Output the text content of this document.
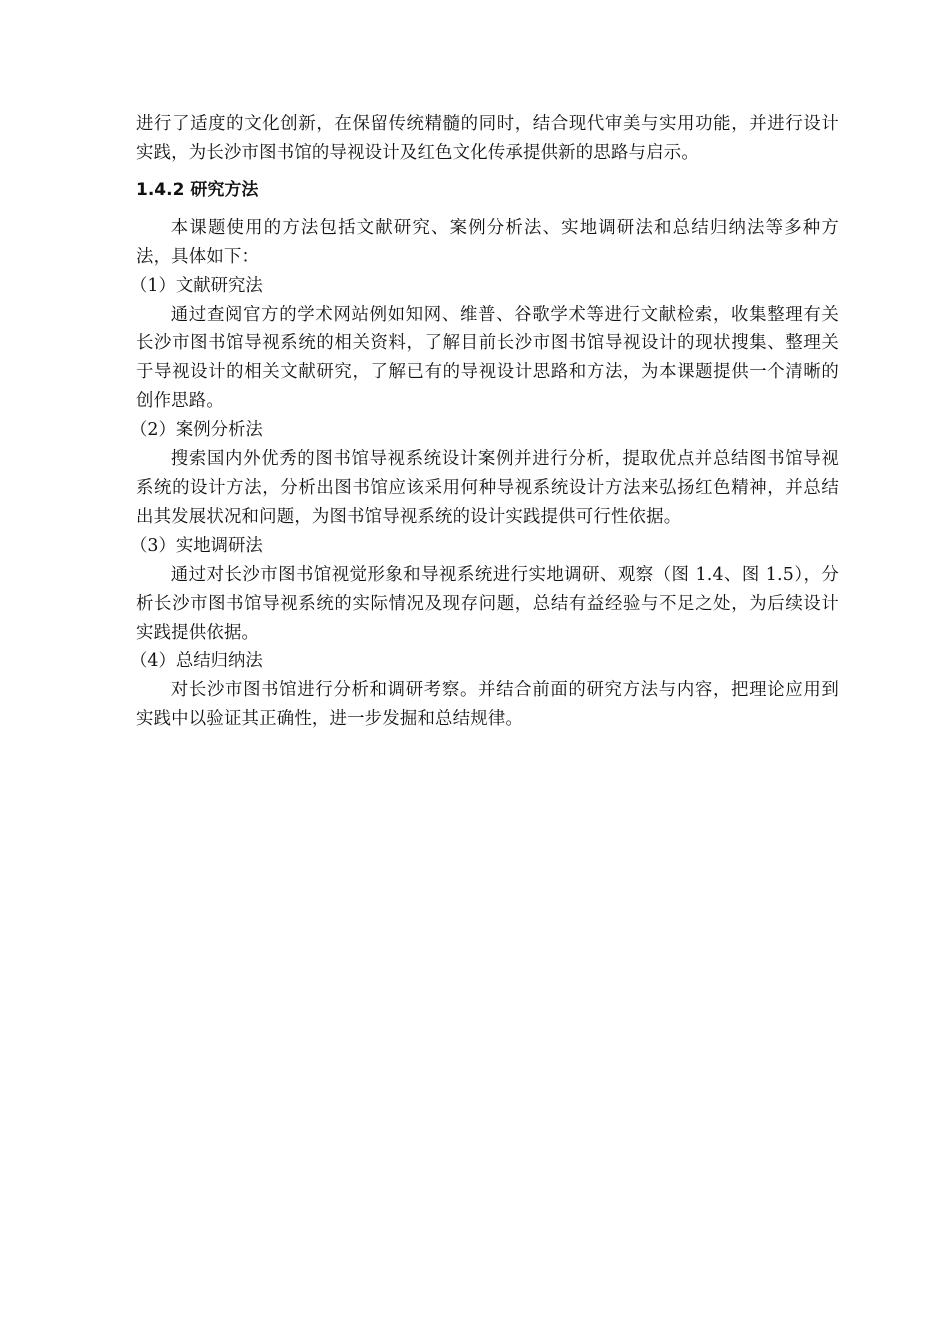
进行了适度的文化创新，在保留传统精髓的同时，结合现代审美与实用功能，并进行设计实践，为长沙市图书馆的导视设计及红色文化传承提供新的思路与启示。

1.4.2 研究方法

本课题使用的方法包括文献研究、案例分析法、实地调研法和总结归纳法等多种方法，具体如下：

（1）文献研究法

通过查阅官方的学术网站例如知网、维普、谷歌学术等进行文献检索，收集整理有关长沙市图书馆导视系统的相关资料，了解目前长沙市图书馆导视设计的现状搜集、整理关于导视设计的相关文献研究，了解已有的导视设计思路和方法，为本课题提供一个清晰的创作思路。

（2）案例分析法

搜索国内外优秀的图书馆导视系统设计案例并进行分析，提取优点并总结图书馆导视系统的设计方法，分析出图书馆应该采用何种导视系统设计方法来弘扬红色精神，并总结出其发展状况和问题，为图书馆导视系统的设计实践提供可行性依据。

（3）实地调研法

通过对长沙市图书馆视觉形象和导视系统进行实地调研、观察（图 1.4、图 1.5），分析长沙市图书馆导视系统的实际情况及现存问题，总结有益经验与不足之处，为后续设计实践提供依据。

（4）总结归纳法

对长沙市图书馆进行分析和调研考察。并结合前面的研究方法与内容，把理论应用到实践中以验证其正确性，进一步发掘和总结规律。
